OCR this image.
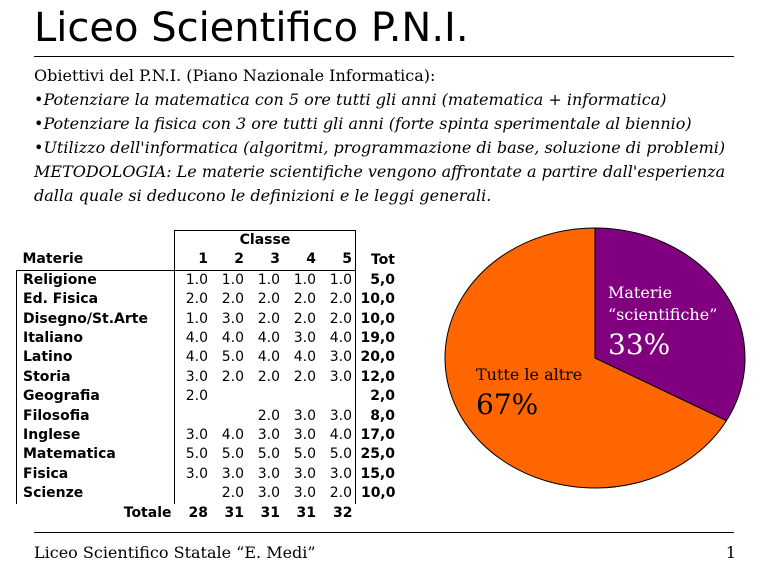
Liceo Scientifico P.N.I.
Obiettivi del P.N.I. (Piano Nazionale Informatica):
•Potenziare la matematica con 5 ore tutti gli anni (matematica + informatica)
•Potenziare la fisica con 3 ore tutti gli anni (forte spinta sperimentale al biennio)
•Utilizzo dell'informatica (algoritmi, programmazione di base, soluzione di problemi)
METODOLOGIA: Le materie scientifiche vengono affrontate a partire dall'esperienza
dalla quale si deducono le definizioni e le leggi generali.
	Classe					
Materie	1	2	3	4	5	Tot
Religione	1.0	1.0	1.0	1.0	1.0	5,0
Ed. Fisica	2.0	2.0	2.0	2.0	2.0	10,0
Disegno/St.Arte	1.0	3.0	2.0	2.0	2.0	10,0
Italiano	4.0	4.0	4.0	3.0	4.0	19,0
Latino	4.0	5.0	4.0	4.0	3.0	20,0
Storia	3.0	2.0	2.0	2.0	3.0	12,0
Geografia	2.0					2,0
Filosofia			2.0	3.0	3.0	8,0
Inglese	3.0	4.0	3.0	3.0	4.0	17,0
Matematica	5.0	5.0	5.0	5.0	5.0	25,0
Fisica	3.0	3.0	3.0	3.0	3.0	15,0
Scienze		2.0	3.0	3.0	2.0	10,0
Totale	28	31	31	31	32	
Materie
“scientifiche”
33%
Tutte le altre
67%
Liceo Scientifico Statale “E. Medi”	1
